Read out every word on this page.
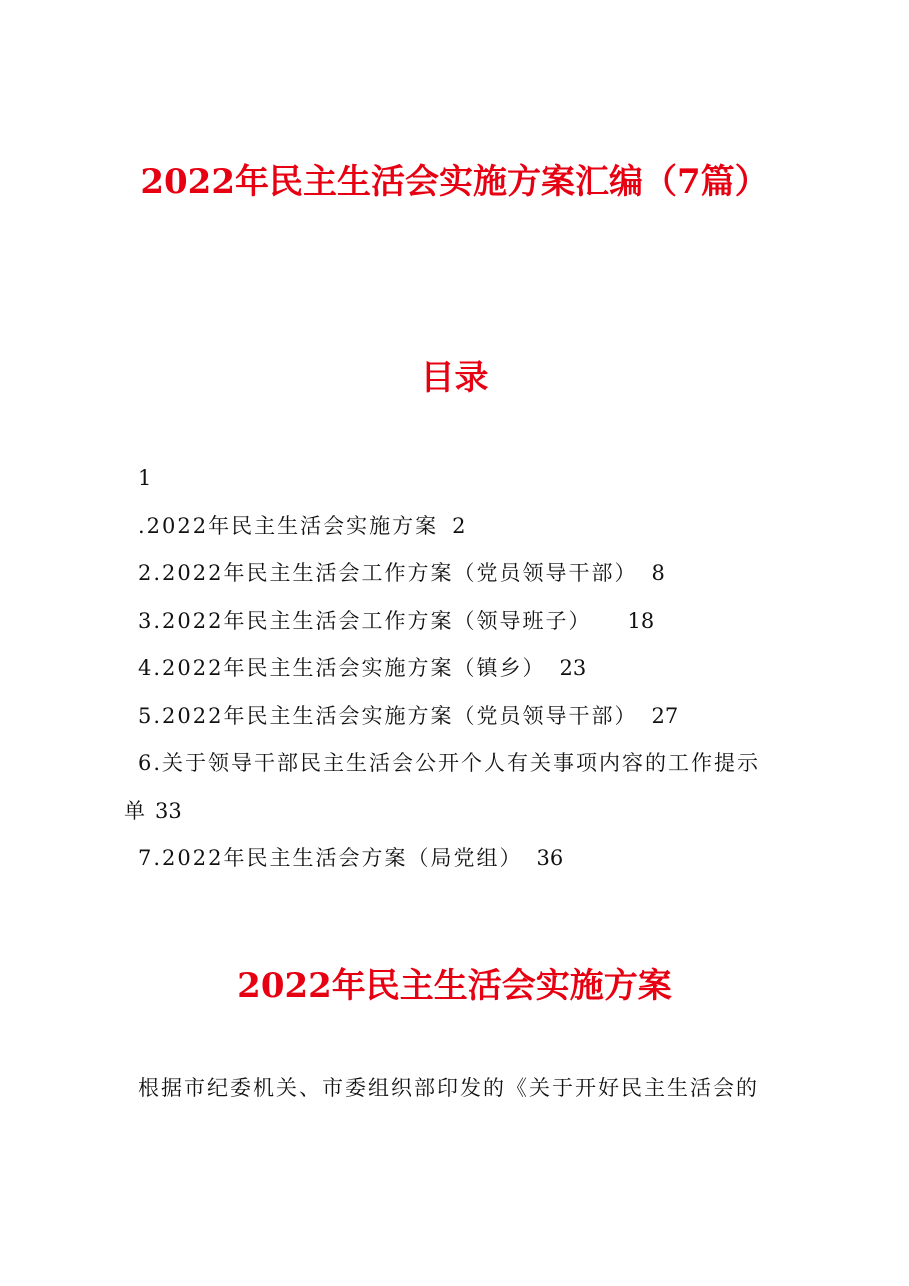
2022年民主生活会实施方案汇编（7篇）
目录
1
.2022年民主生活会实施方案 2
2.2022年民主生活会工作方案（党员领导干部） 8
3.2022年民主生活会工作方案（领导班子） 18
4.2022年民主生活会实施方案（镇乡） 23
5.2022年民主生活会实施方案（党员领导干部） 27
6.关于领导干部民主生活会公开个人有关事项内容的工作提示
单 33
7.2022年民主生活会方案（局党组） 36
2022年民主生活会实施方案

根据市纪委机关、市委组织部印发的《关于开好民主生活会的
